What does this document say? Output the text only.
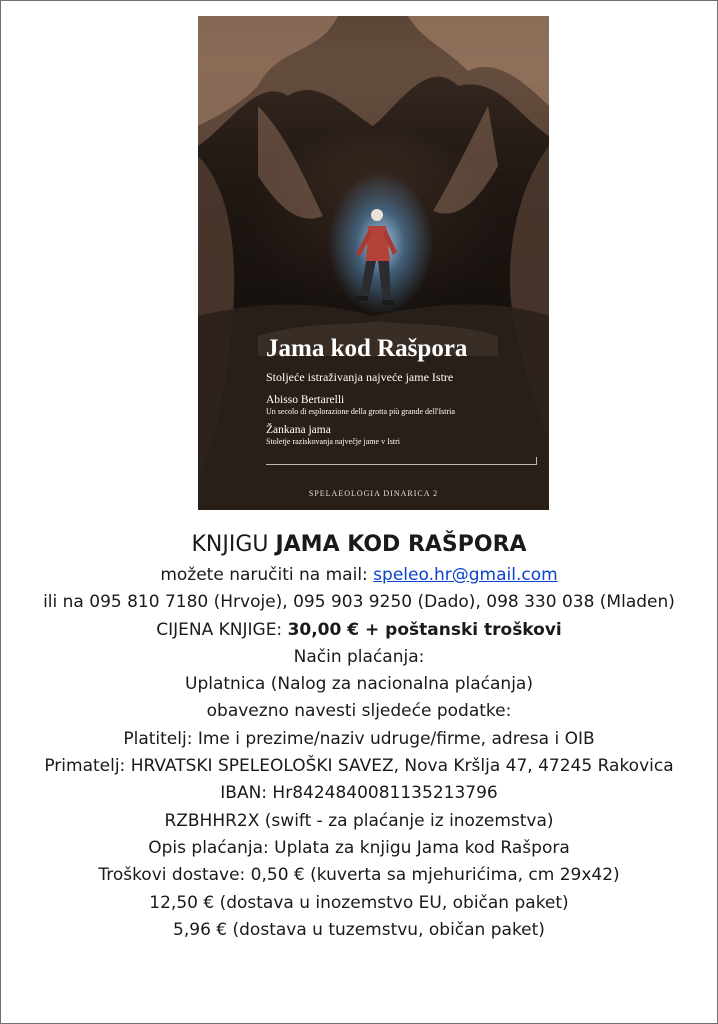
Jama kod Rašpora
Stoljeće istraživanja najveće jame Istre
Abisso Bertarelli
Un secolo di esplorazione della grotta più grande dell'Istria
Žankana jama
Stoletje raziskovanja največje jame v Istri
SPELAEOLOGIA DINARICA 2
KNJIGU JAMA KOD RAŠPORA
možete naručiti na mail: speleo.hr@gmail.com
ili na 095 810 7180 (Hrvoje), 095 903 9250 (Dado), 098 330 038 (Mladen)
CIJENA KNJIGE: 30,00 € + poštanski troškovi
Način plaćanja:
Uplatnica (Nalog za nacionalna plaćanja)
obavezno navesti sljedeće podatke:
Platitelj: Ime i prezime/naziv udruge/firme, adresa i OIB
Primatelj: HRVATSKI SPELEOLOŠKI SAVEZ, Nova Kršlja 47, 47245 Rakovica
IBAN: Hr8424840081135213796
RZBHHR2X (swift - za plaćanje iz inozemstva)
Opis plaćanja: Uplata za knjigu Jama kod Rašpora
Troškovi dostave: 0,50 € (kuverta sa mjehurićima, cm 29x42)
12,50 € (dostava u inozemstvo EU, običan paket)
5,96 € (dostava u tuzemstvu, običan paket)
